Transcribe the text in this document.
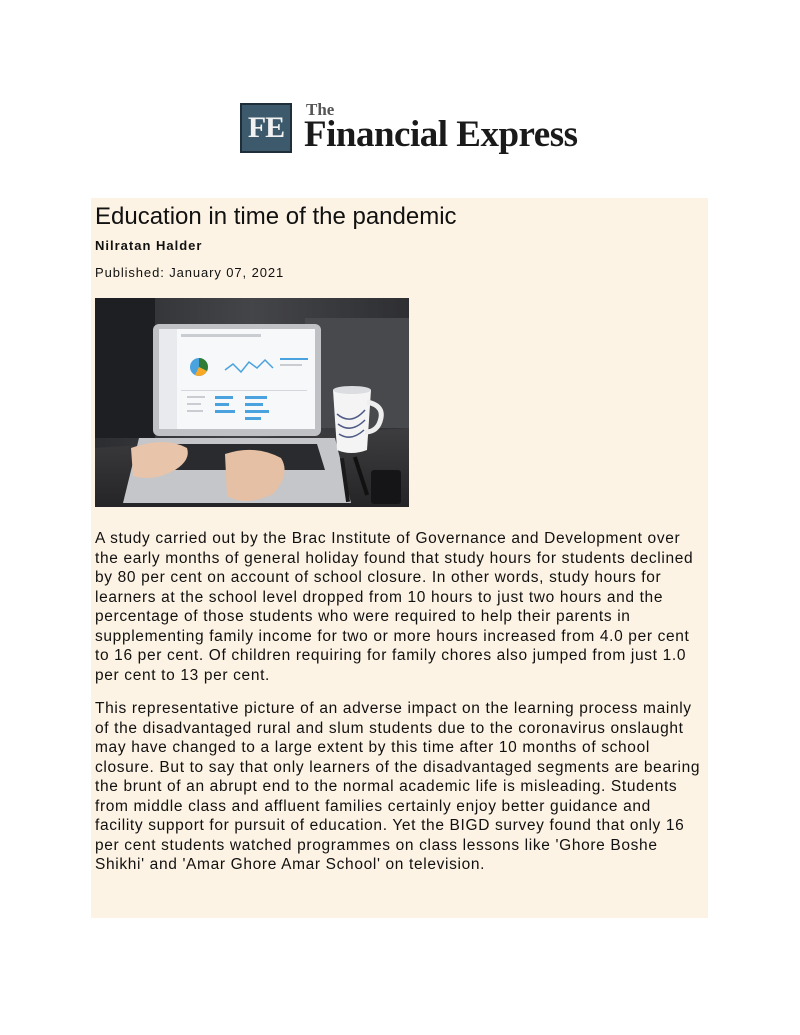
FE
The
Financial Express
Education in time of the pandemic
Nilratan Halder
Published: January 07, 2021

A study carried out by the Brac Institute of Governance and Development over the early months of general holiday found that study hours for students declined by 80 per cent on account of school closure. In other words, study hours for learners at the school level dropped from 10 hours to just two hours and the percentage of those students who were required to help their parents in supplementing family income for two or more hours increased from 4.0 per cent to 16 per cent. Of children requiring for family chores also jumped from just 1.0 per cent to 13 per cent.

This representative picture of an adverse impact on the learning process mainly of the disadvantaged rural and slum students due to the coronavirus onslaught may have changed to a large extent by this time after 10 months of school closure. But to say that only learners of the disadvantaged segments are bearing the brunt of an abrupt end to the normal academic life is misleading. Students from middle class and affluent families certainly enjoy better guidance and facility support for pursuit of education. Yet the BIGD survey found that only 16 per cent students watched programmes on class lessons like 'Ghore Boshe Shikhi' and 'Amar Ghore Amar School' on television.
